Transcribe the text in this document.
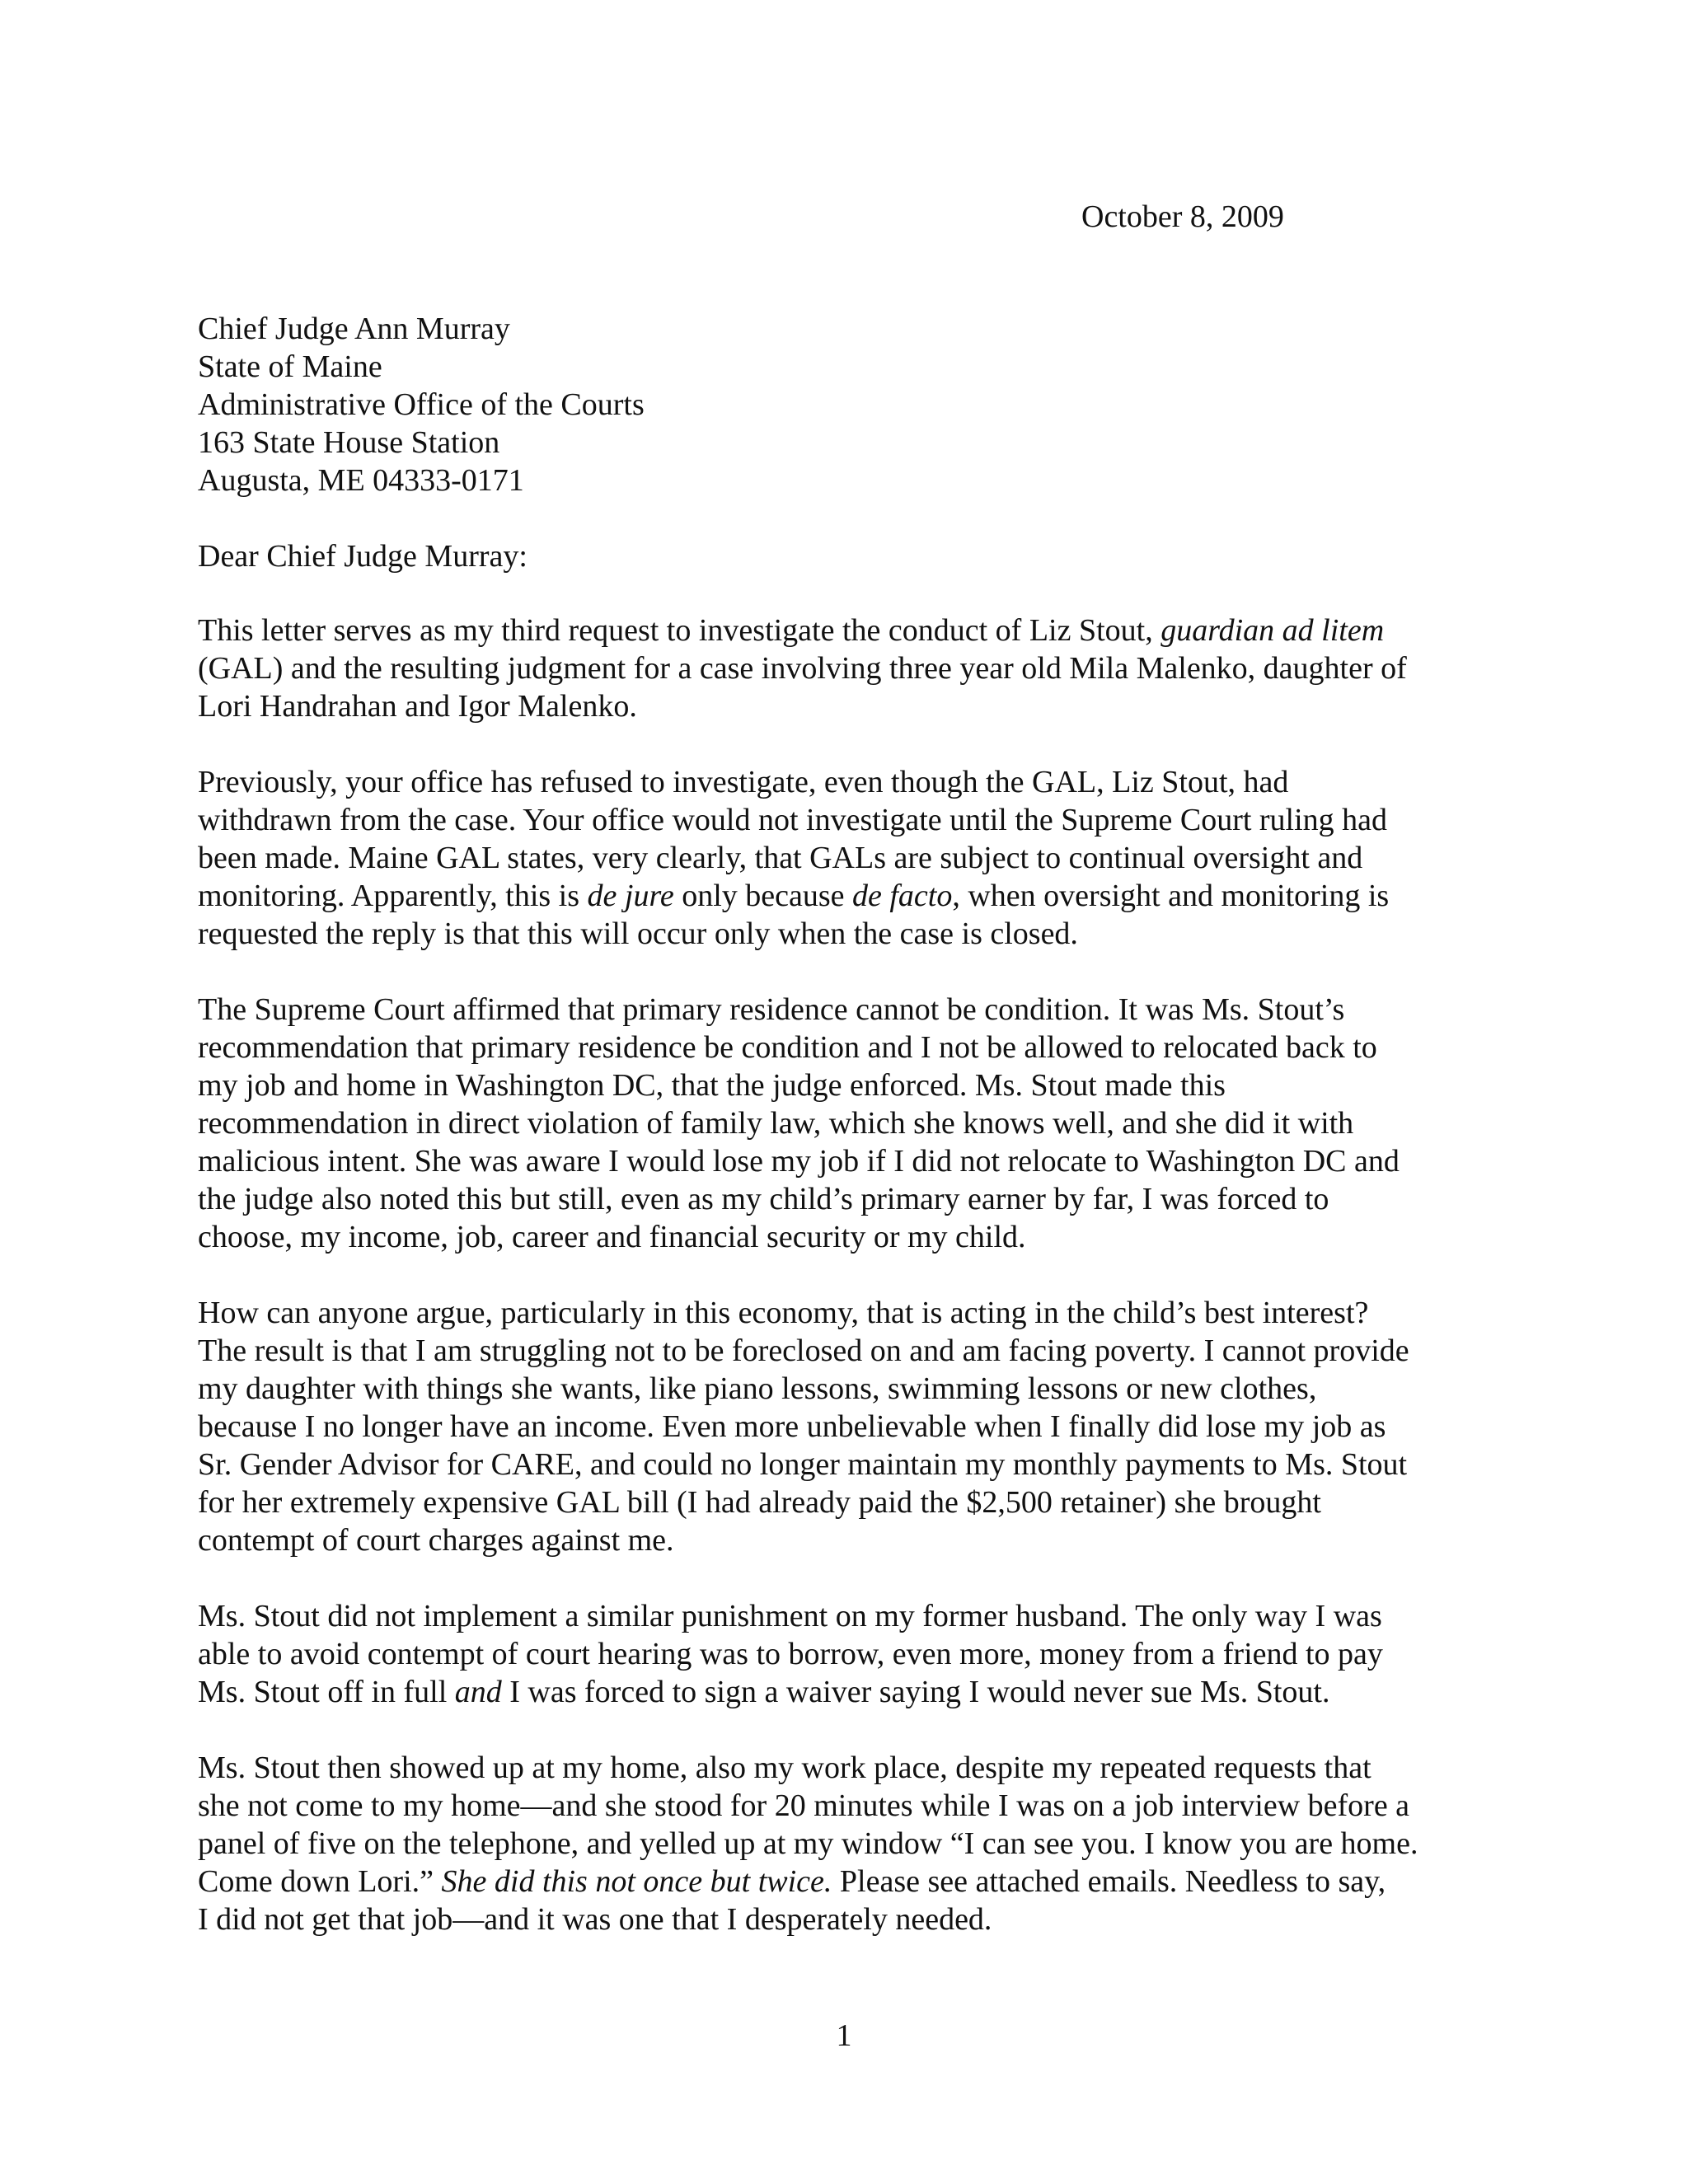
October 8, 2009
Chief Judge Ann Murray
State of Maine
Administrative Office of the Courts
163 State House Station
Augusta, ME 04333-0171
Dear Chief Judge Murray:
This letter serves as my third request to investigate the conduct of Liz Stout, guardian ad litem
(GAL) and the resulting judgment for a case involving three year old Mila Malenko, daughter of
Lori Handrahan and Igor Malenko.
Previously, your office has refused to investigate, even though the GAL, Liz Stout, had
withdrawn from the case. Your office would not investigate until the Supreme Court ruling had
been made. Maine GAL states, very clearly, that GALs are subject to continual oversight and
monitoring. Apparently, this is de jure only because de facto, when oversight and monitoring is
requested the reply is that this will occur only when the case is closed.
The Supreme Court affirmed that primary residence cannot be condition. It was Ms. Stout’s
recommendation that primary residence be condition and I not be allowed to relocated back to
my job and home in Washington DC, that the judge enforced. Ms. Stout made this
recommendation in direct violation of family law, which she knows well, and she did it with
malicious intent. She was aware I would lose my job if I did not relocate to Washington DC and
the judge also noted this but still, even as my child’s primary earner by far, I was forced to
choose, my income, job, career and financial security or my child.
How can anyone argue, particularly in this economy, that is acting in the child’s best interest?
The result is that I am struggling not to be foreclosed on and am facing poverty. I cannot provide
my daughter with things she wants, like piano lessons, swimming lessons or new clothes,
because I no longer have an income. Even more unbelievable when I finally did lose my job as
Sr. Gender Advisor for CARE, and could no longer maintain my monthly payments to Ms. Stout
for her extremely expensive GAL bill (I had already paid the $2,500 retainer) she brought
contempt of court charges against me.
Ms. Stout did not implement a similar punishment on my former husband. The only way I was
able to avoid contempt of court hearing was to borrow, even more, money from a friend to pay
Ms. Stout off in full and I was forced to sign a waiver saying I would never sue Ms. Stout.
Ms. Stout then showed up at my home, also my work place, despite my repeated requests that
she not come to my home—and she stood for 20 minutes while I was on a job interview before a
panel of five on the telephone, and yelled up at my window “I can see you. I know you are home.
Come down Lori.” She did this not once but twice. Please see attached emails. Needless to say,
I did not get that job—and it was one that I desperately needed.
1
